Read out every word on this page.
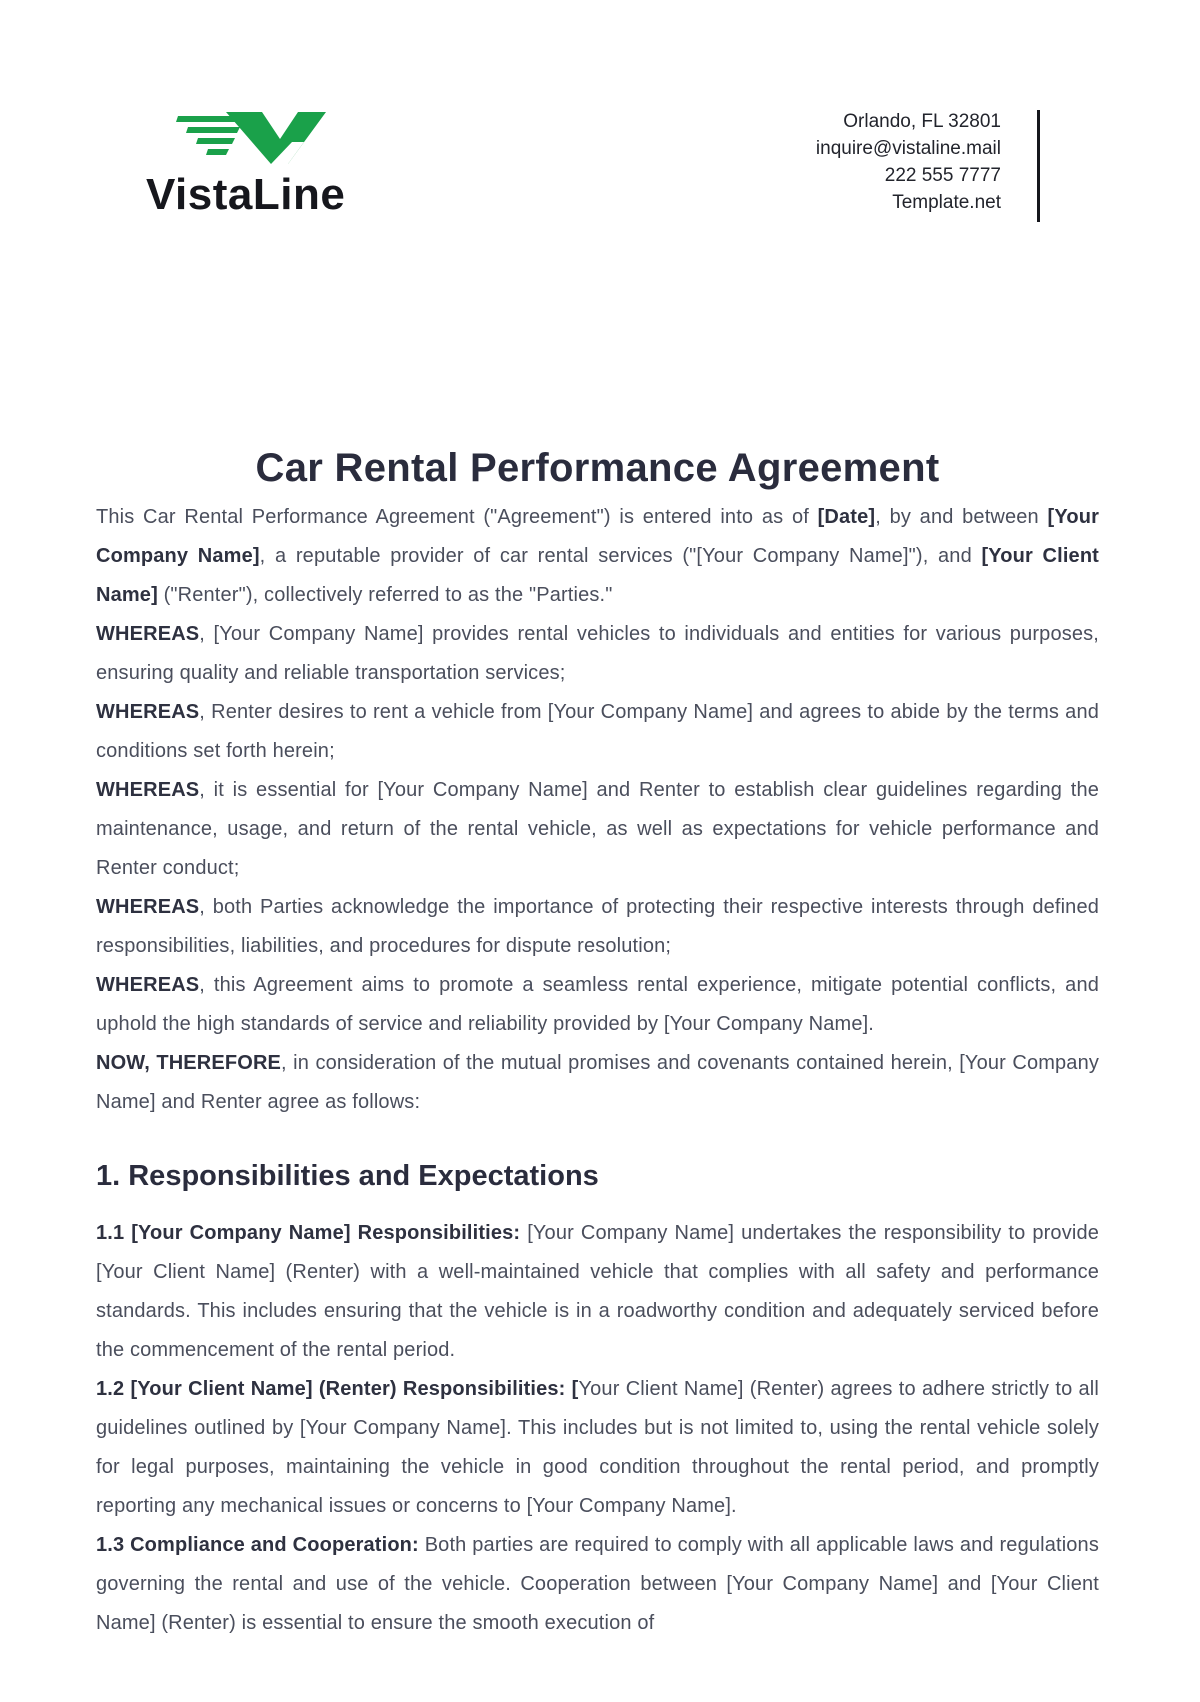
VistaLine
Orlando, FL 32801
inquire@vistaline.mail
222 555 7777
Template.net
Car Rental Performance Agreement

This Car Rental Performance Agreement ("Agreement") is entered into as of [Date], by and between [Your Company Name], a reputable provider of car rental services ("[Your Company Name]"), and [Your Client Name] ("Renter"), collectively referred to as the "Parties."

WHEREAS, [Your Company Name] provides rental vehicles to individuals and entities for various purposes, ensuring quality and reliable transportation services;

WHEREAS, Renter desires to rent a vehicle from [Your Company Name] and agrees to abide by the terms and conditions set forth herein;

WHEREAS, it is essential for [Your Company Name] and Renter to establish clear guidelines regarding the maintenance, usage, and return of the rental vehicle, as well as expectations for vehicle performance and Renter conduct;

WHEREAS, both Parties acknowledge the importance of protecting their respective interests through defined responsibilities, liabilities, and procedures for dispute resolution;

WHEREAS, this Agreement aims to promote a seamless rental experience, mitigate potential conflicts, and uphold the high standards of service and reliability provided by [Your Company Name].

NOW, THEREFORE, in consideration of the mutual promises and covenants contained herein, [Your Company Name] and Renter agree as follows:

1. Responsibilities and Expectations

1.1 [Your Company Name] Responsibilities: [Your Company Name] undertakes the responsibility to provide [Your Client Name] (Renter) with a well-maintained vehicle that complies with all safety and performance standards. This includes ensuring that the vehicle is in a roadworthy condition and adequately serviced before the commencement of the rental period.

1.2 [Your Client Name] (Renter) Responsibilities: [Your Client Name] (Renter) agrees to adhere strictly to all guidelines outlined by [Your Company Name]. This includes but is not limited to, using the rental vehicle solely for legal purposes, maintaining the vehicle in good condition throughout the rental period, and promptly reporting any mechanical issues or concerns to [Your Company Name].

1.3 Compliance and Cooperation: Both parties are required to comply with all applicable laws and regulations governing the rental and use of the vehicle. Cooperation between [Your Company Name] and [Your Client Name] (Renter) is essential to ensure the smooth execution of
